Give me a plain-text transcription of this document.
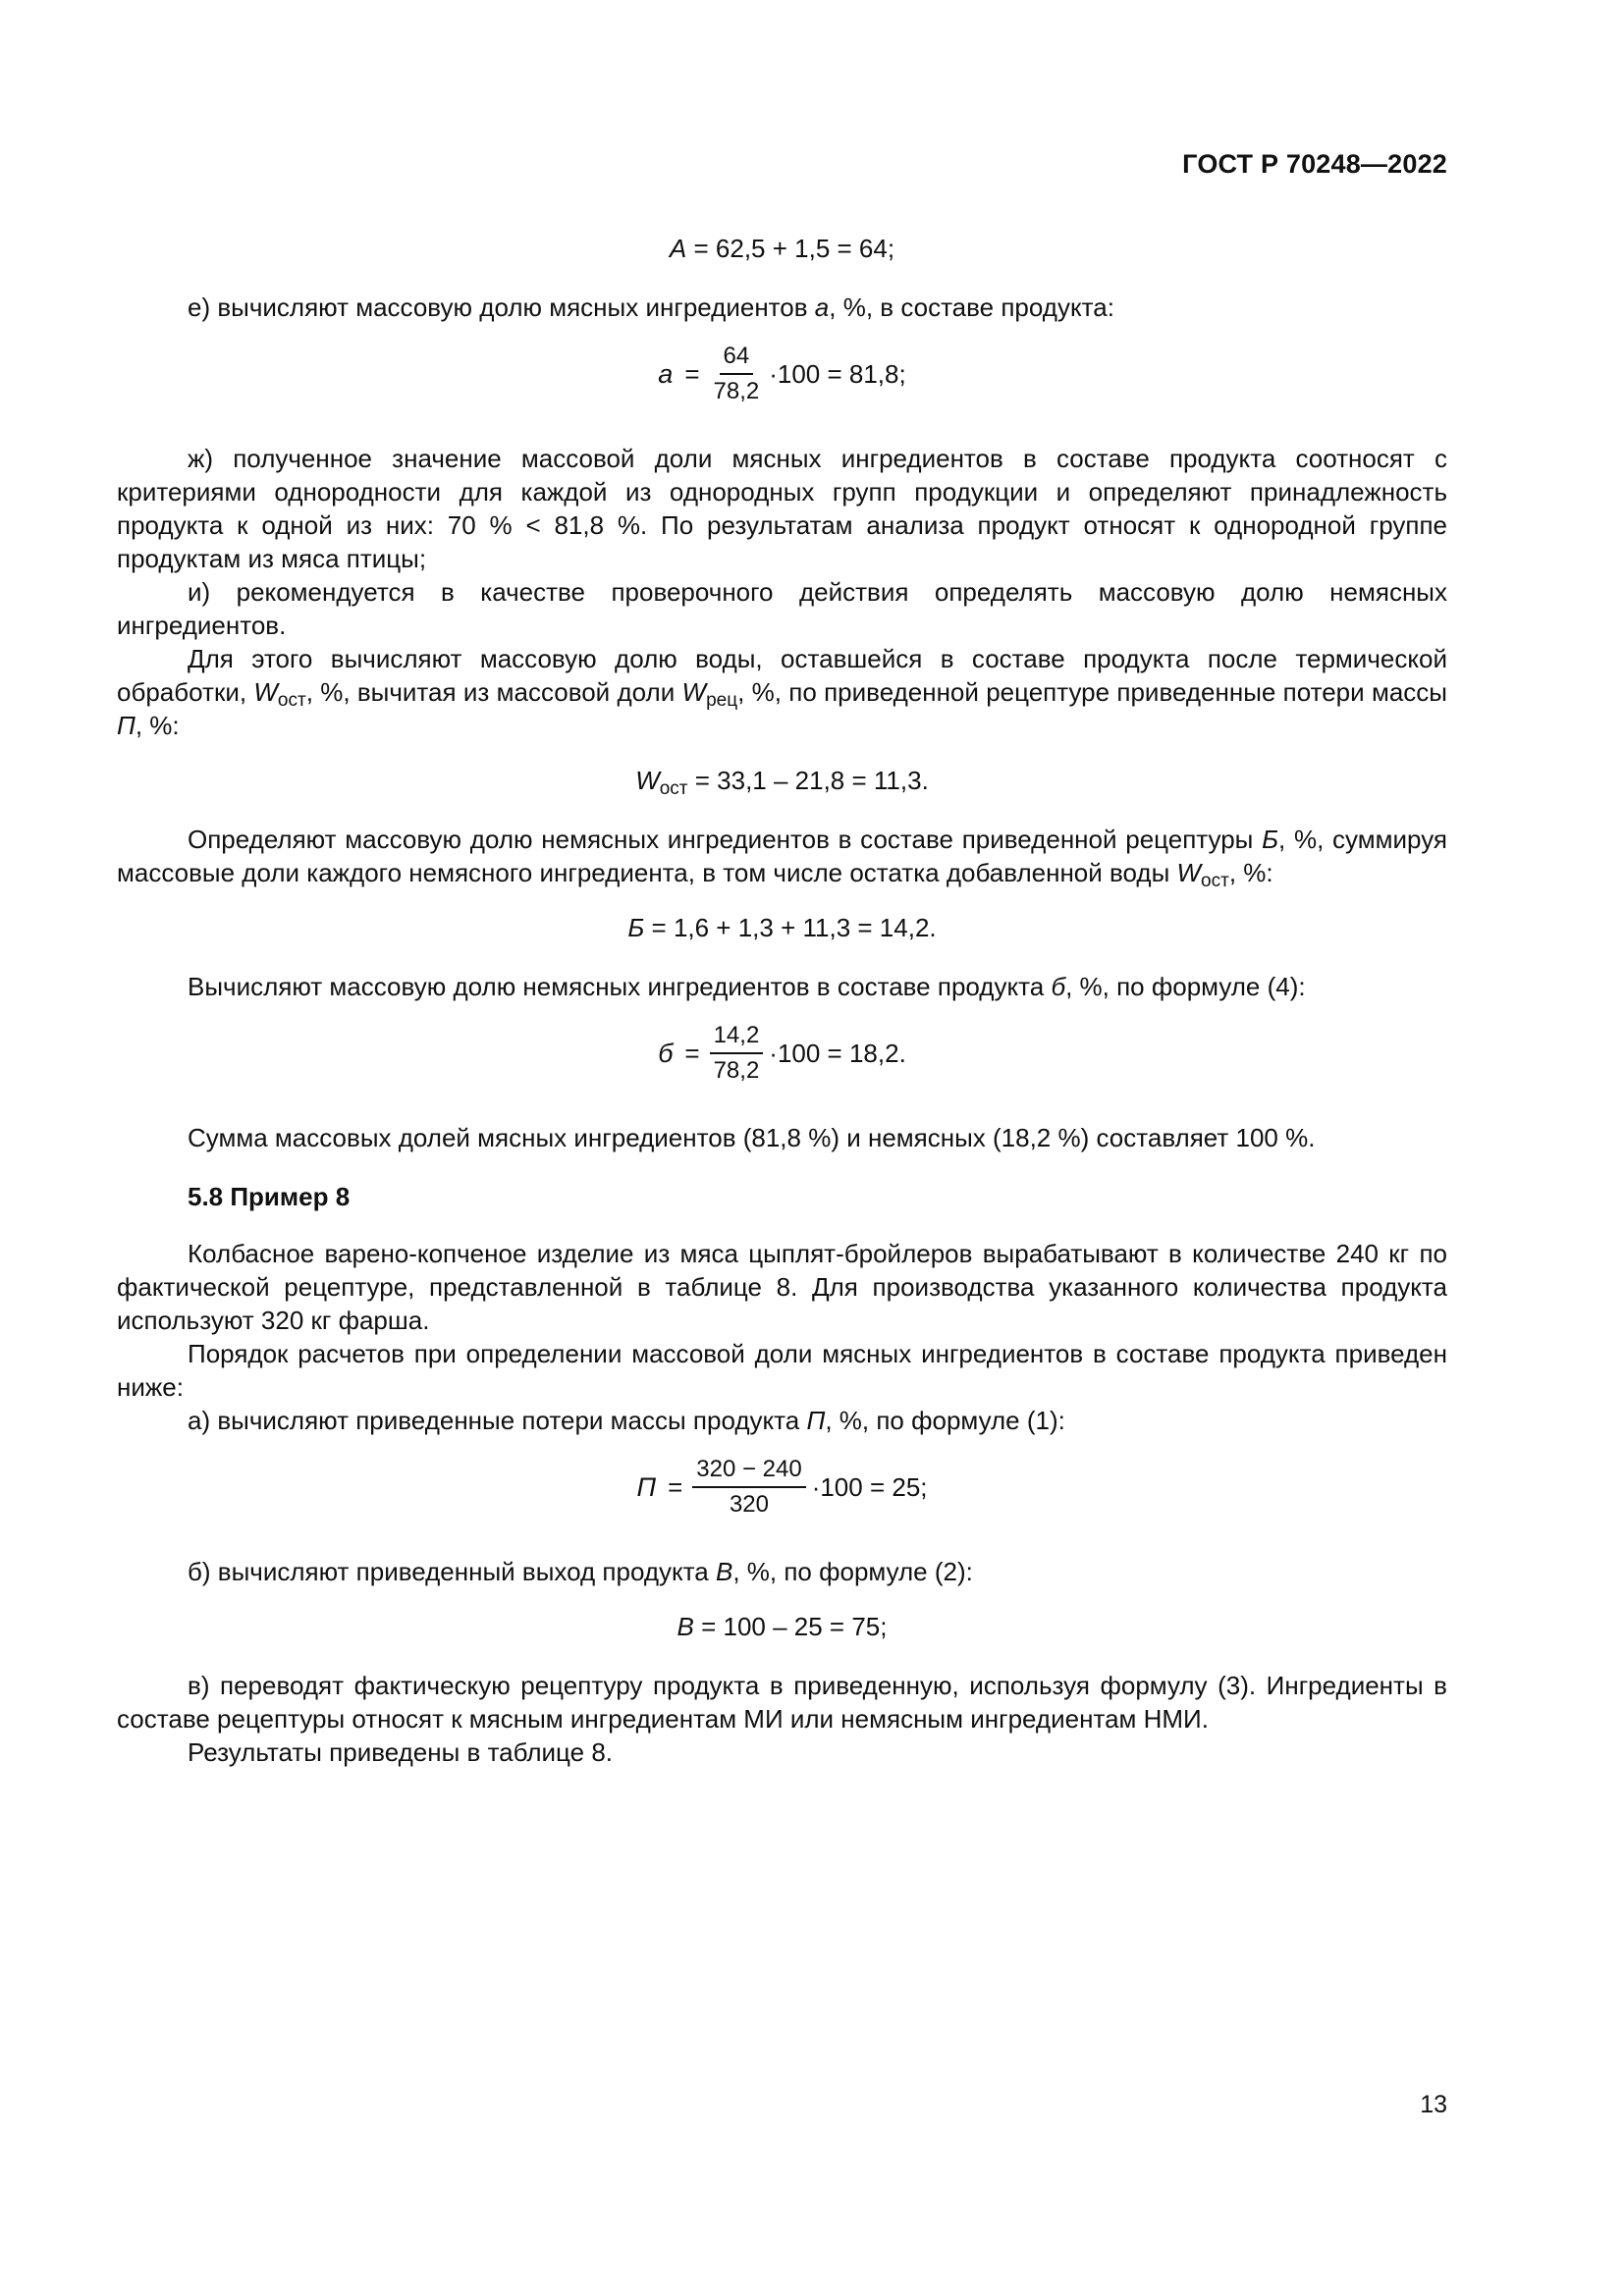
ГОСТ Р 70248—2022
A = 62,5 + 1,5 = 64;

е) вычисляют массовую долю мясных ингредиентов а, %, в составе продукта:

$a = \frac{64}{78,2} \cdot 100 = 81,8$;

ж) полученное значение массовой доли мясных ингредиентов в составе продукта соотносят с критериями однородности для каждой из однородных групп продукции и определяют принадлежность продукта к одной из них: 70 % < 81,8 %. По результатам анализа продукт относят к однородной группе продуктам из мяса птицы;

и) рекомендуется в качестве проверочного действия определять массовую долю немясных ингредиентов.

Для этого вычисляют массовую долю воды, оставшейся в составе продукта после термической обработки, $W_{ост}$, %, вычитая из массовой доли $W_{рец}$, %, по приведенной рецептуре приведенные потери массы П, %:

$W_{ост} = 33,1 - 21,8 = 11,3$.

Определяют массовую долю немясных ингредиентов в составе приведенной рецептуры Б, %, суммируя массовые доли каждого немясного ингредиента, в том числе остатка добавленной воды $W_{ост}$, %:

Б = 1,6 + 1,3 + 11,3 = 14,2.

Вычисляют массовую долю немясных ингредиентов в составе продукта б, %, по формуле (4):

$б = \frac{14,2}{78,2} \cdot 100 = 18,2$.

Сумма массовых долей мясных ингредиентов (81,8 %) и немясных (18,2 %) составляет 100 %.

5.8 Пример 8

Колбасное варено-копченое изделие из мяса цыплят-бройлеров вырабатывают в количестве 240 кг по фактической рецептуре, представленной в таблице 8. Для производства указанного количества продукта используют 320 кг фарша.

Порядок расчетов при определении массовой доли мясных ингредиентов в составе продукта приведен ниже:

а) вычисляют приведенные потери массы продукта П, %, по формуле (1):

$П = \frac{320 - 240}{320} \cdot 100 = 25$;

б) вычисляют приведенный выход продукта В, %, по формуле (2):

В = 100 – 25 = 75;

в) переводят фактическую рецептуру продукта в приведенную, используя формулу (3). Ингредиенты в составе рецептуры относят к мясным ингредиентам МИ или немясным ингредиентам НМИ.

Результаты приведены в таблице 8.

13
